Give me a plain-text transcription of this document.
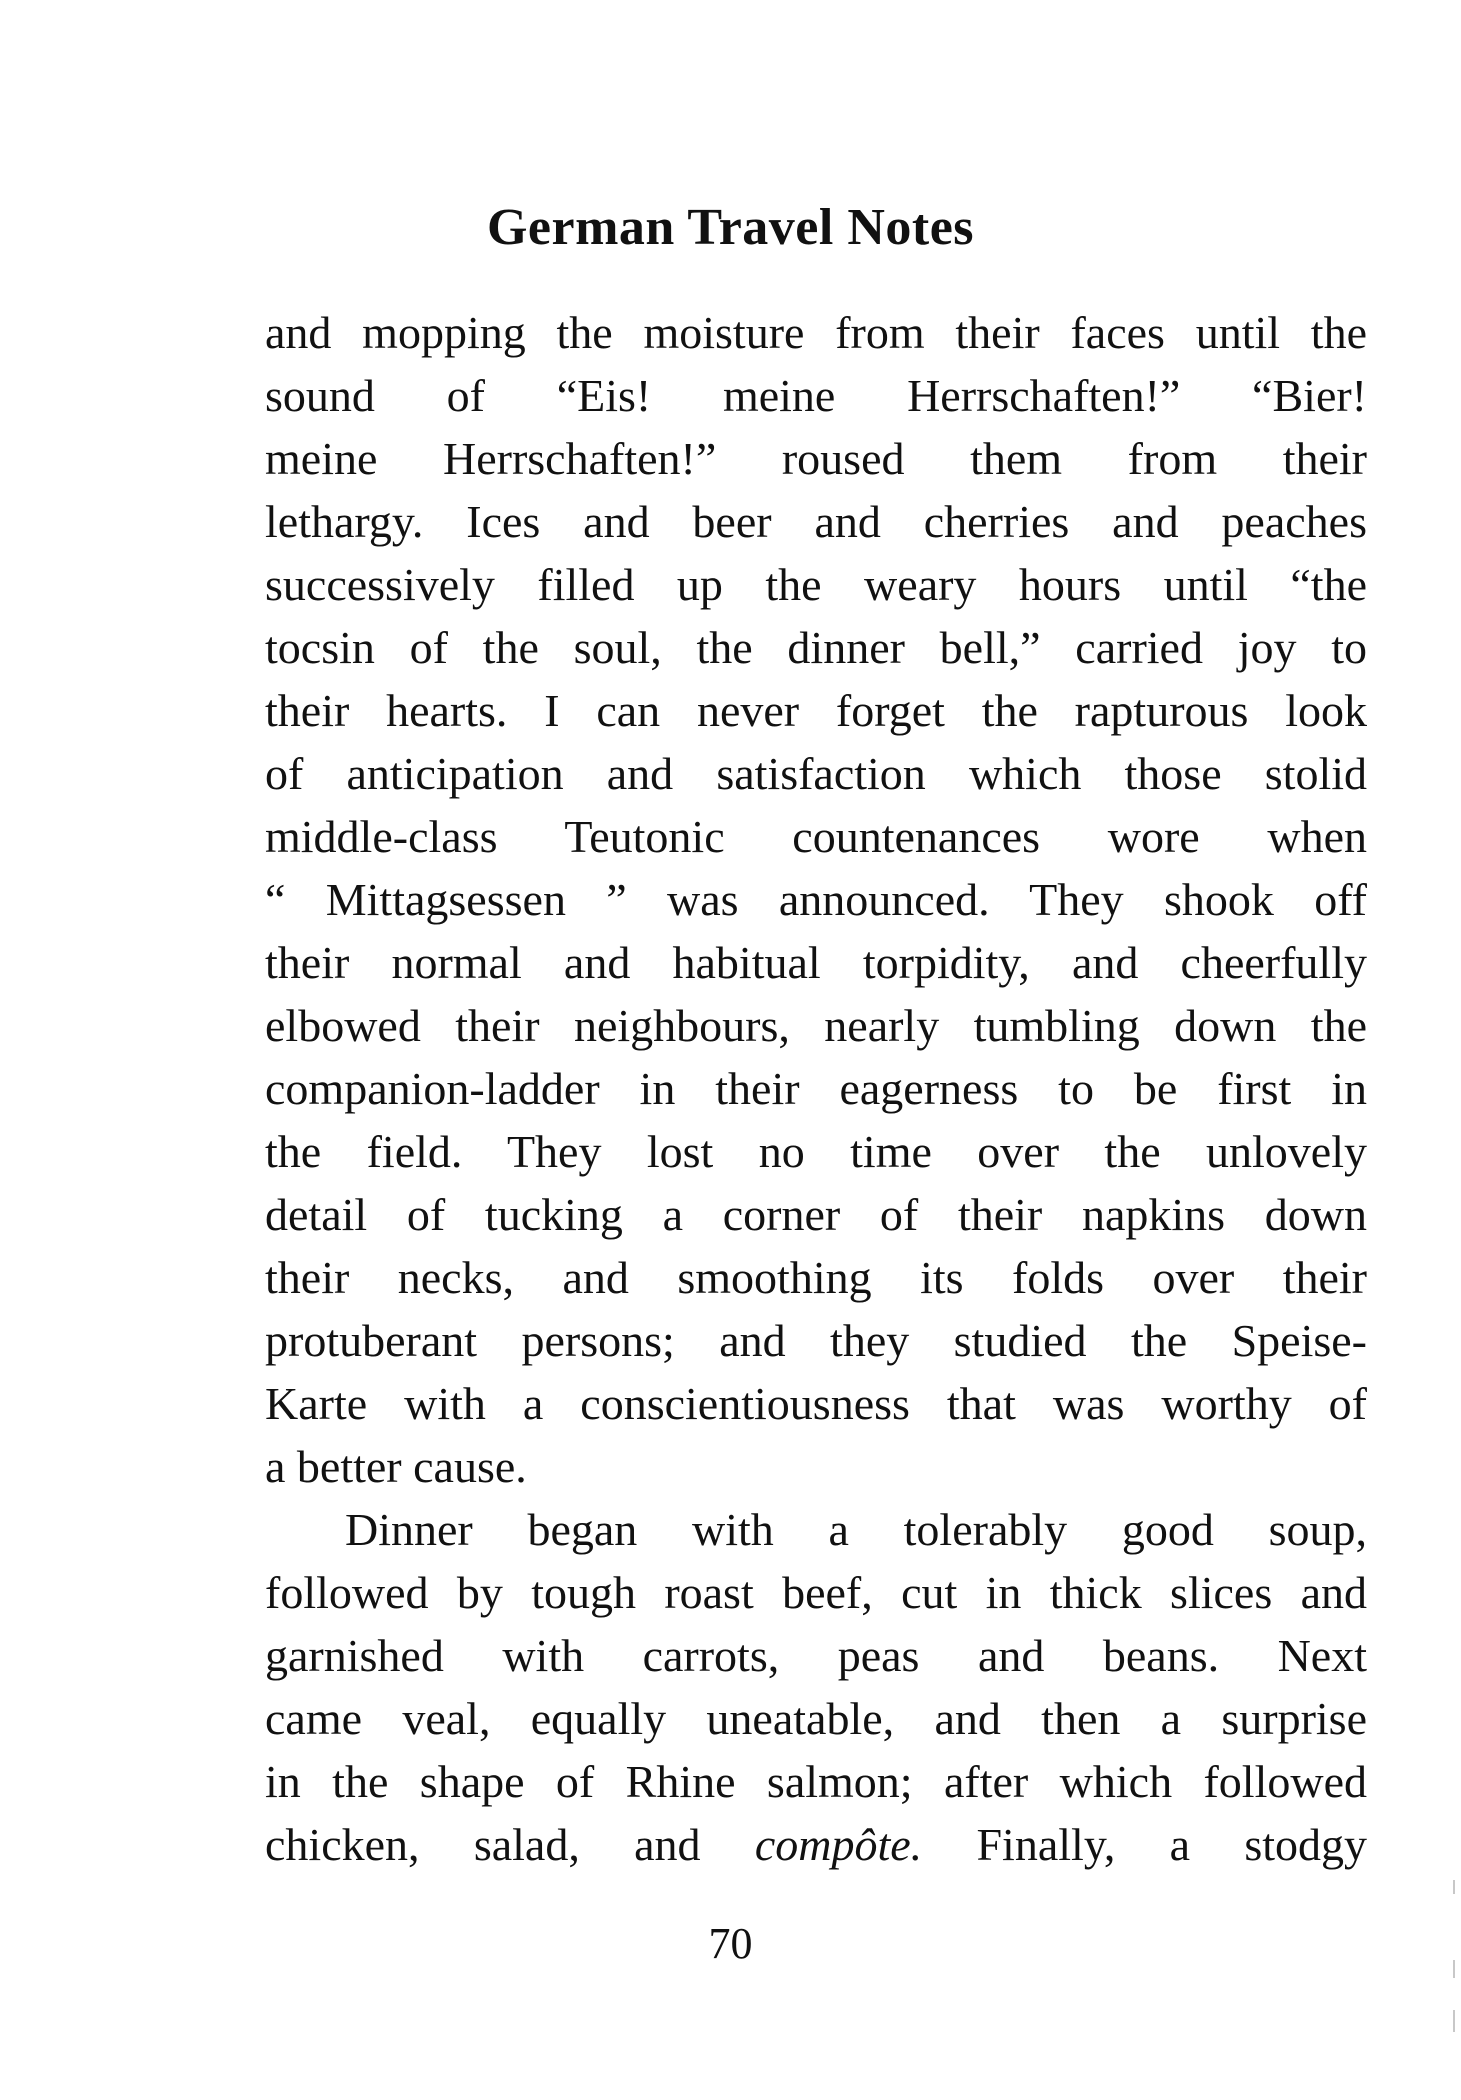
German Travel Notes
and mopping the moisture from their faces until the
sound of “Eis! meine Herrschaften!” “Bier!
meine Herrschaften!” roused them from their
lethargy. Ices and beer and cherries and peaches
successively filled up the weary hours until “the
tocsin of the soul, the dinner bell,” carried joy to
their hearts. I can never forget the rapturous look
of anticipation and satisfaction which those stolid
middle-class Teutonic countenances wore when
“ Mittagsessen ” was announced. They shook off
their normal and habitual torpidity, and cheerfully
elbowed their neighbours, nearly tumbling down the
companion-ladder in their eagerness to be first in
the field. They lost no time over the unlovely
detail of tucking a corner of their napkins down
their necks, and smoothing its folds over their
protuberant persons; and they studied the Speise-
Karte with a conscientiousness that was worthy of
a better cause.
Dinner began with a tolerably good soup,
followed by tough roast beef, cut in thick slices and
garnished with carrots, peas and beans. Next
came veal, equally uneatable, and then a surprise
in the shape of Rhine salmon; after which followed
chicken, salad, and compôte. Finally, a stodgy
70
